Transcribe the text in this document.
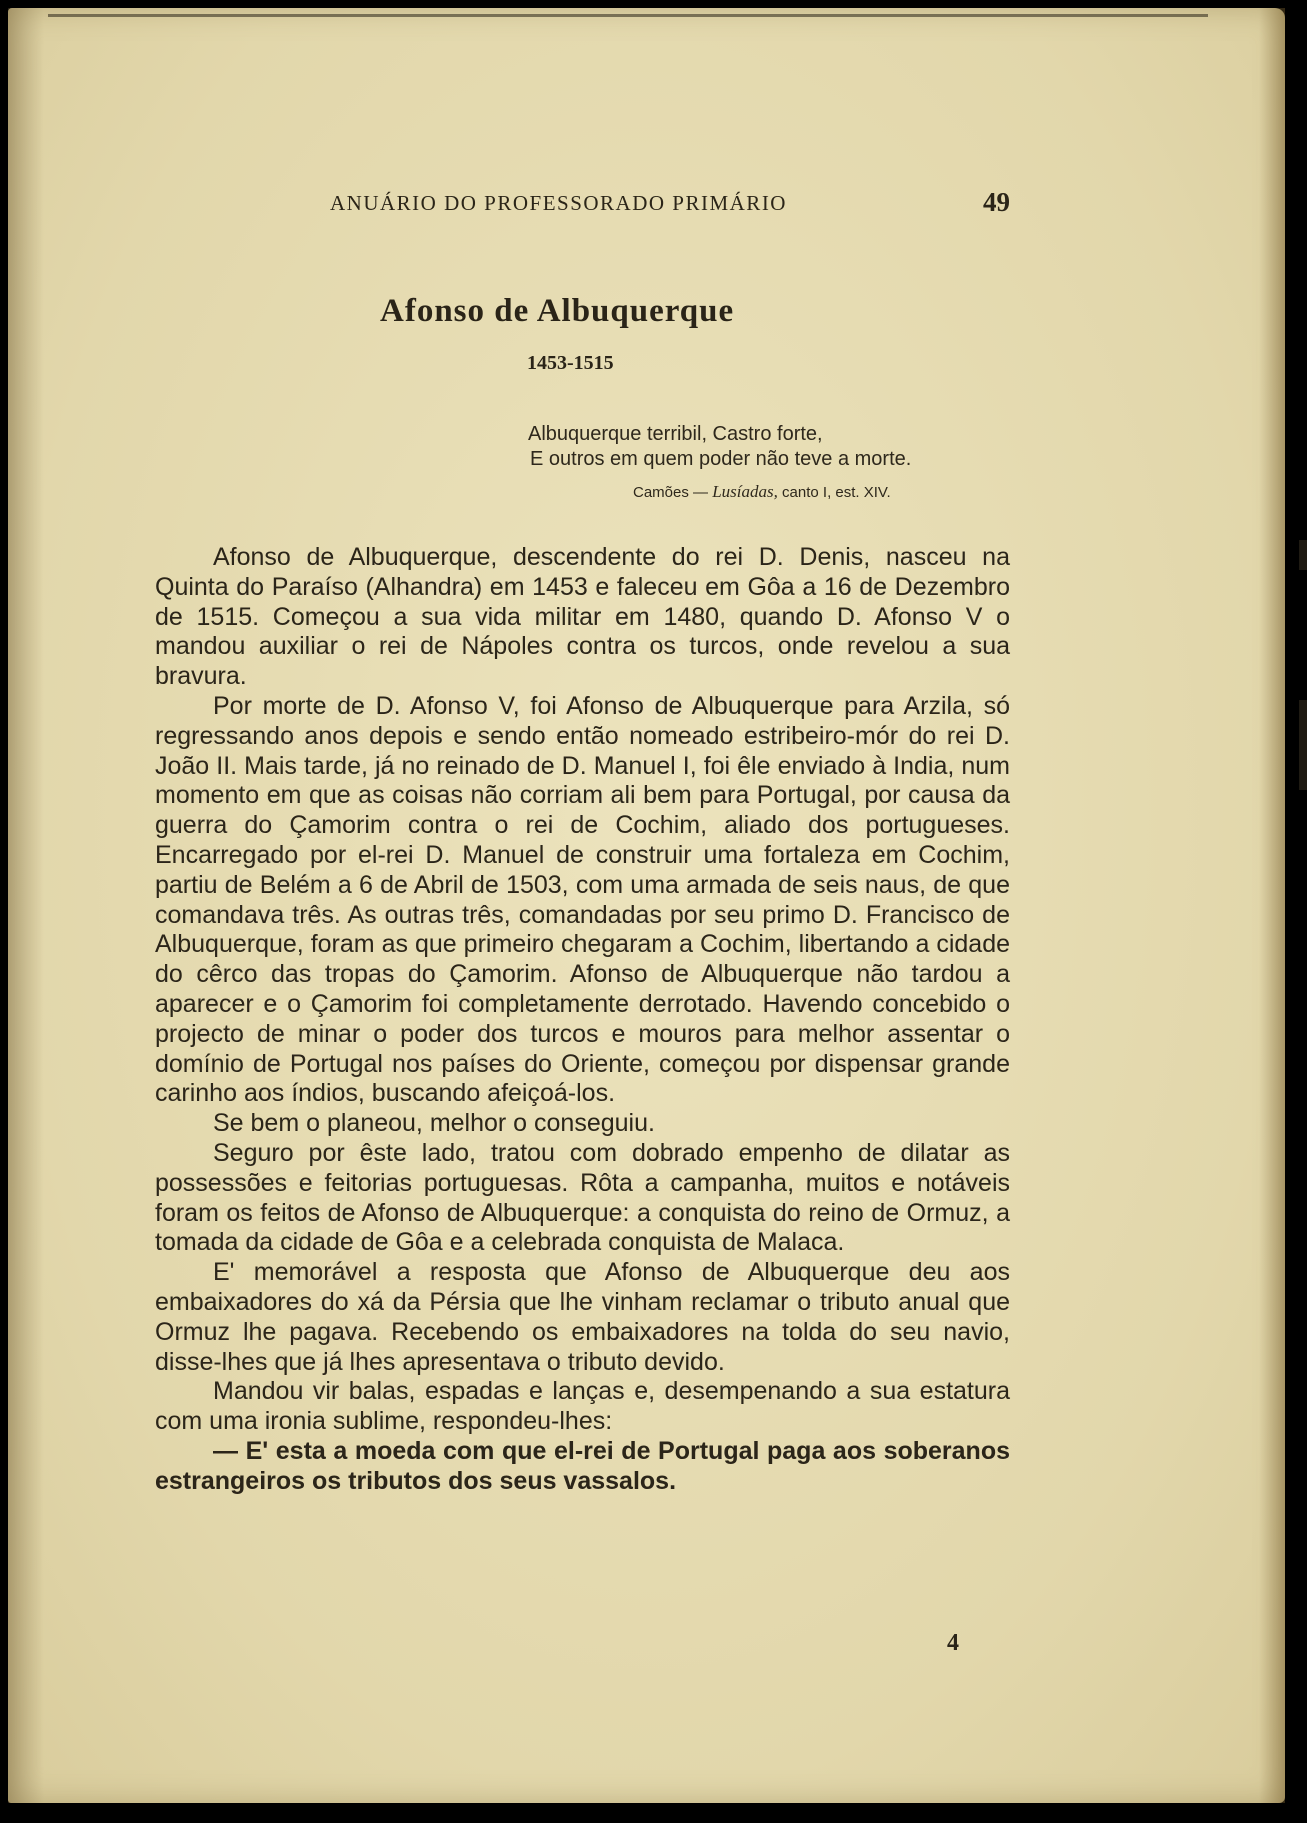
ANUÁRIO DO PROFESSORADO PRIMÁRIO	49
Afonso de Albuquerque
1453-1515
Albuquerque terribil, Castro forte,
E outros em quem poder não teve a morte.
Camões — Lusíadas, canto I, est. XIV.

Afonso de Albuquerque, descendente do rei D. Denis, nasceu na Quinta do Paraíso (Alhandra) em 1453 e faleceu em Gôa a 16 de Dezembro de 1515. Começou a sua vida militar em 1480, quando D. Afonso V o mandou auxiliar o rei de Nápoles contra os turcos, onde revelou a sua bravura.

Por morte de D. Afonso V, foi Afonso de Albuquerque para Arzila, só regressando anos depois e sendo então nomeado estribeiro-mór do rei D. João II. Mais tarde, já no reinado de D. Manuel I, foi êle enviado à India, num momento em que as coisas não corriam ali bem para Portugal, por causa da guerra do Çamorim contra o rei de Cochim, aliado dos portugueses. Encarregado por el-rei D. Manuel de construir uma fortaleza em Cochim, partiu de Belém a 6 de Abril de 1503, com uma armada de seis naus, de que comandava três. As outras três, comandadas por seu primo D. Francisco de Albuquerque, foram as que primeiro chegaram a Cochim, libertando a cidade do cêrco das tropas do Çamorim. Afonso de Albuquerque não tardou a aparecer e o Çamorim foi completamente derrotado. Havendo concebido o projecto de minar o poder dos turcos e mouros para melhor assentar o domínio de Portugal nos países do Oriente, começou por dispensar grande carinho aos índios, buscando afeiçoá-los.

Se bem o planeou, melhor o conseguiu.

Seguro por êste lado, tratou com dobrado empenho de dilatar as possessões e feitorias portuguesas. Rôta a campanha, muitos e notáveis foram os feitos de Afonso de Albuquerque: a conquista do reino de Ormuz, a tomada da cidade de Gôa e a celebrada conquista de Malaca.

E' memorável a resposta que Afonso de Albuquerque deu aos embaixadores do xá da Pérsia que lhe vinham reclamar o tributo anual que Ormuz lhe pagava. Recebendo os embaixadores na tolda do seu navio, disse-lhes que já lhes apresentava o tributo devido.

Mandou vir balas, espadas e lanças e, desempenando a sua estatura com uma ironia sublime, respondeu-lhes:

— E' esta a moeda com que el-rei de Portugal paga aos soberanos estrangeiros os tributos dos seus vassalos.

4
